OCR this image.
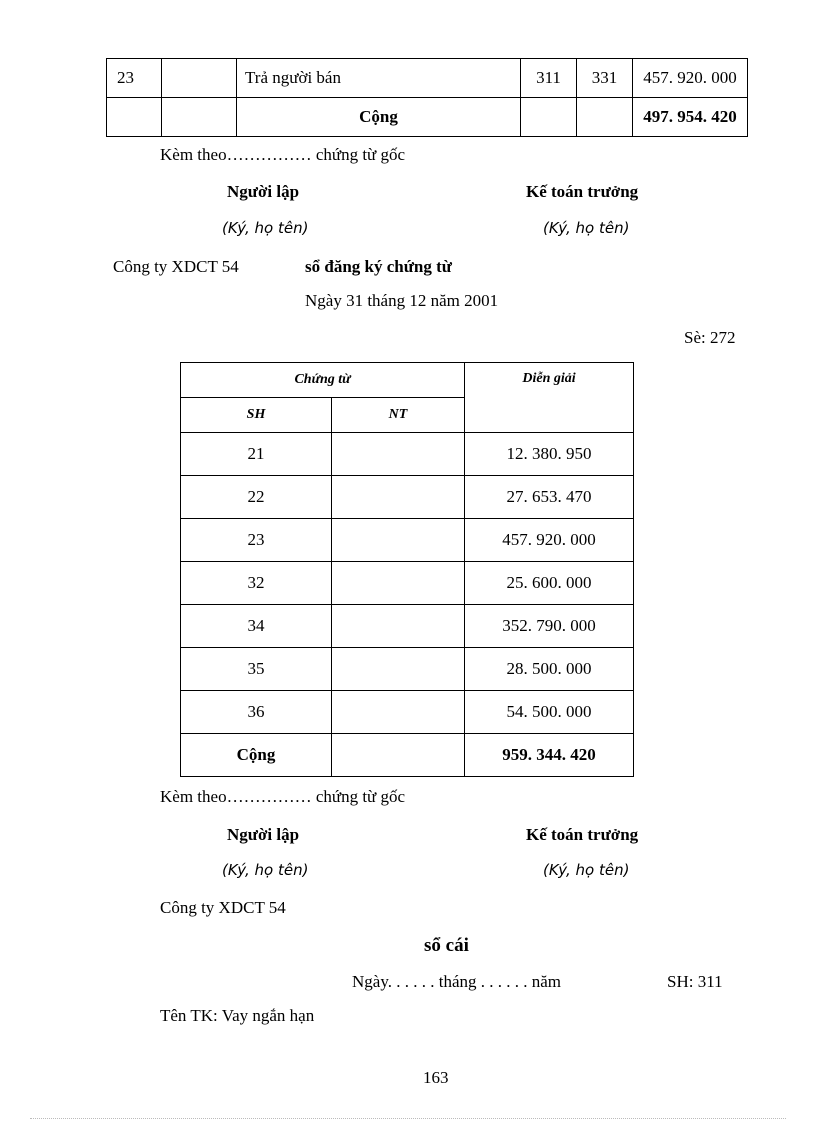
23		Trả người bán	311	331	457. 920. 000
		Cộng			497. 954. 420
Kèm theo…………… chứng từ gốc
Người lập	Kế toán trưởng
(Ký, họ tên)	(Ký, họ tên)
Công ty XDCT 54	sổ đăng ký chứng từ
Ngày 31 tháng 12 năm 2001
Sè: 272
Chứng từ		Diễn giải
SH	NT	
21		12. 380. 950
22		27. 653. 470
23		457. 920. 000
32		25. 600. 000
34		352. 790. 000
35		28. 500. 000
36		54. 500. 000
Cộng		959. 344. 420
Kèm theo…………… chứng từ gốc
Người lập	Kế toán trưởng
(Ký, họ tên)	(Ký, họ tên)
Công ty XDCT 54
sổ cái
Ngày. . . . . . tháng . . . . . . năm	SH: 311
Tên TK: Vay ngắn hạn
163
